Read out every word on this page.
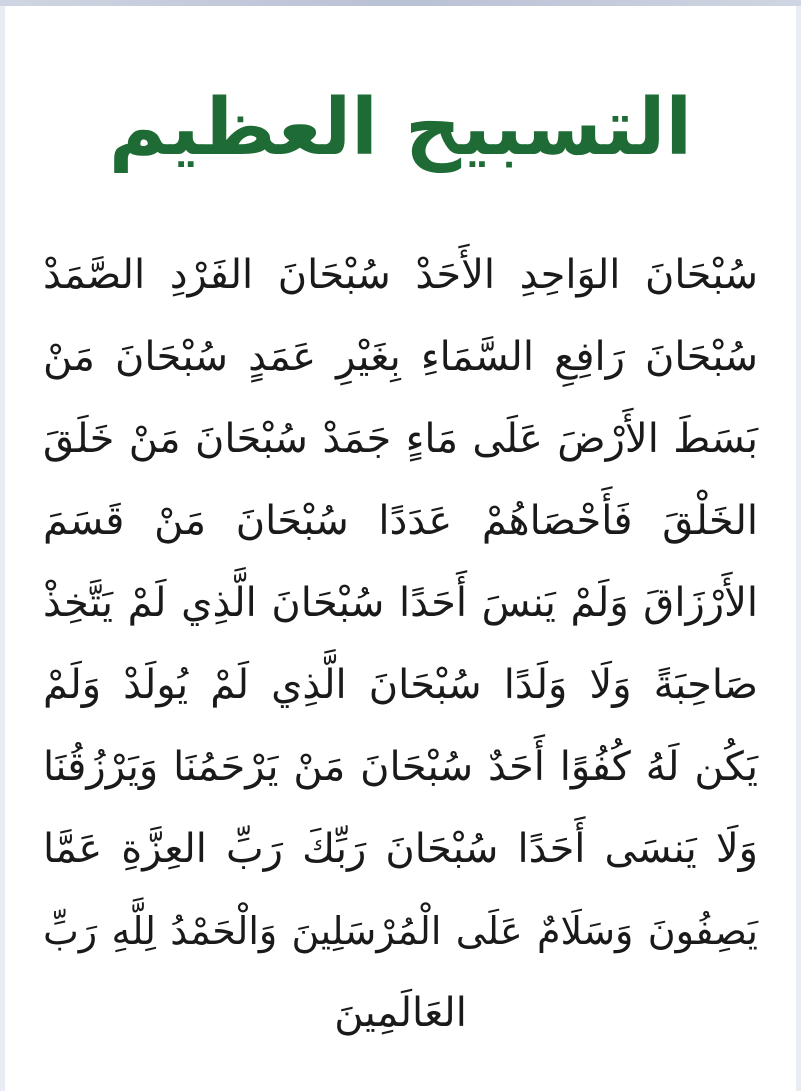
التسبيح العظيم
سُبْحَانَ الوَاحِدِ الأَحَدْ سُبْحَانَ الفَرْدِ الصَّمَدْ
سُبْحَانَ رَافِعِ السَّمَاءِ بِغَيْرِ عَمَدٍ سُبْحَانَ مَنْ
بَسَطَ الأَرْضَ عَلَى مَاءٍ جَمَدْ سُبْحَانَ مَنْ خَلَقَ
الخَلْقَ فَأَحْصَاهُمْ عَدَدًا سُبْحَانَ مَنْ قَسَمَ
الأَرْزَاقَ وَلَمْ يَنسَ أَحَدًا سُبْحَانَ الَّذِي لَمْ يَتَّخِذْ
صَاحِبَةً وَلَا وَلَدًا سُبْحَانَ الَّذِي لَمْ يُولَدْ وَلَمْ
يَكُن لَهُ كُفُوًا أَحَدٌ سُبْحَانَ مَنْ يَرْحَمُنَا وَيَرْزُقُنَا
وَلَا يَنسَى أَحَدًا سُبْحَانَ رَبِّكَ رَبِّ العِزَّةِ عَمَّا
يَصِفُونَ وَسَلَامٌ عَلَى الْمُرْسَلِينَ وَالْحَمْدُ لِلَّهِ رَبِّ
العَالَمِينَ
